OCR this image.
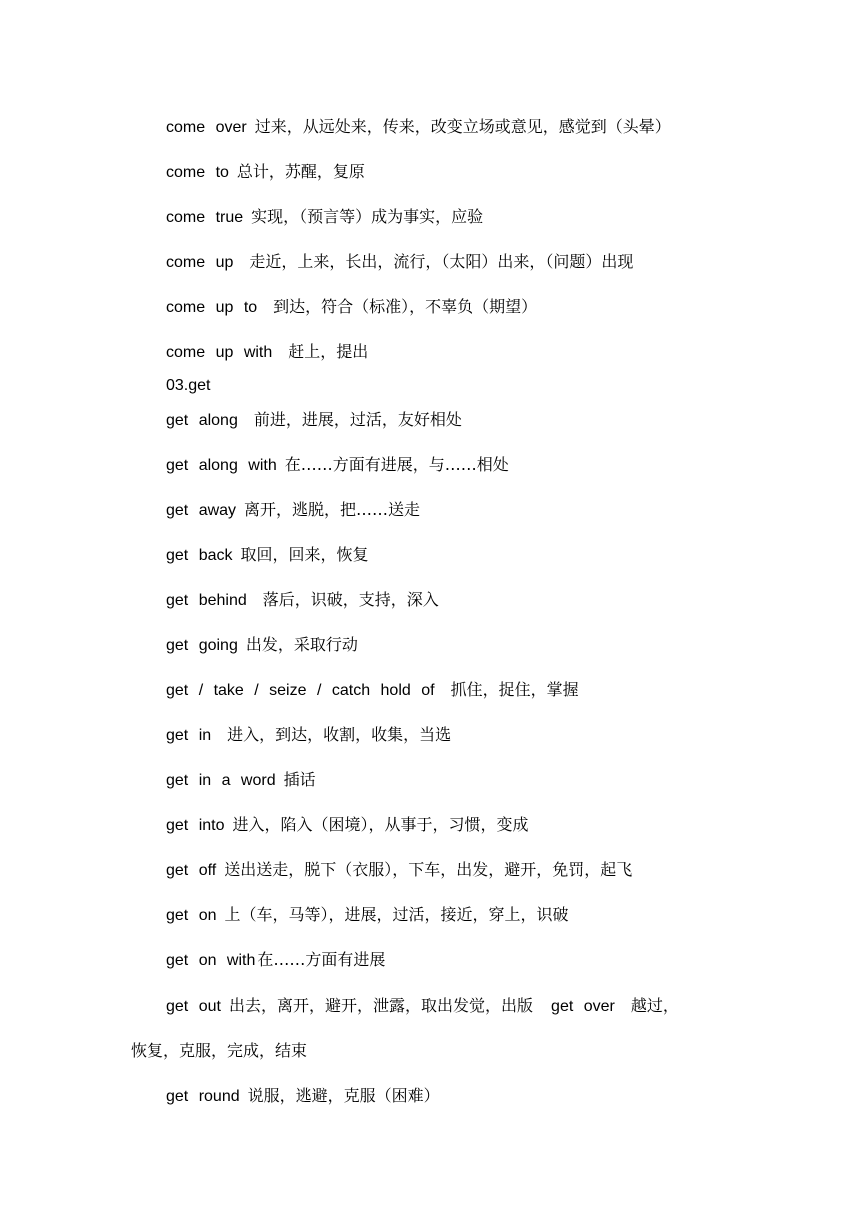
come over 过来，从远处来，传来，改变立场或意见，感觉到（头晕）
come to 总计，苏醒，复原
come true 实现，（预言等）成为事实，应验
come up 走近，上来，长出，流行，（太阳）出来，（问题）出现
come up to 到达，符合（标准），不辜负（期望）
come up with 赶上，提出
03.get
get along 前进，进展，过活，友好相处
get along with 在……方面有进展，与……相处
get away 离开，逃脱，把……送走
get back 取回，回来，恢复
get behind 落后，识破，支持，深入
get going 出发，采取行动
get / take / seize / catch hold of 抓住，捉住，掌握
get in 进入，到达，收割，收集，当选
get in a word 插话
get into 进入，陷入（困境），从事于，习惯，变成
get off 送出送走，脱下（衣服），下车，出发，避开，免罚，起飞
get on 上（车，马等），进展，过活，接近，穿上，识破
get on with 在……方面有进展
get out 出去，离开，避开，泄露，取出发觉，出版 get over 越过，
恢复，克服，完成，结束
get round 说服，逃避，克服（困难）
